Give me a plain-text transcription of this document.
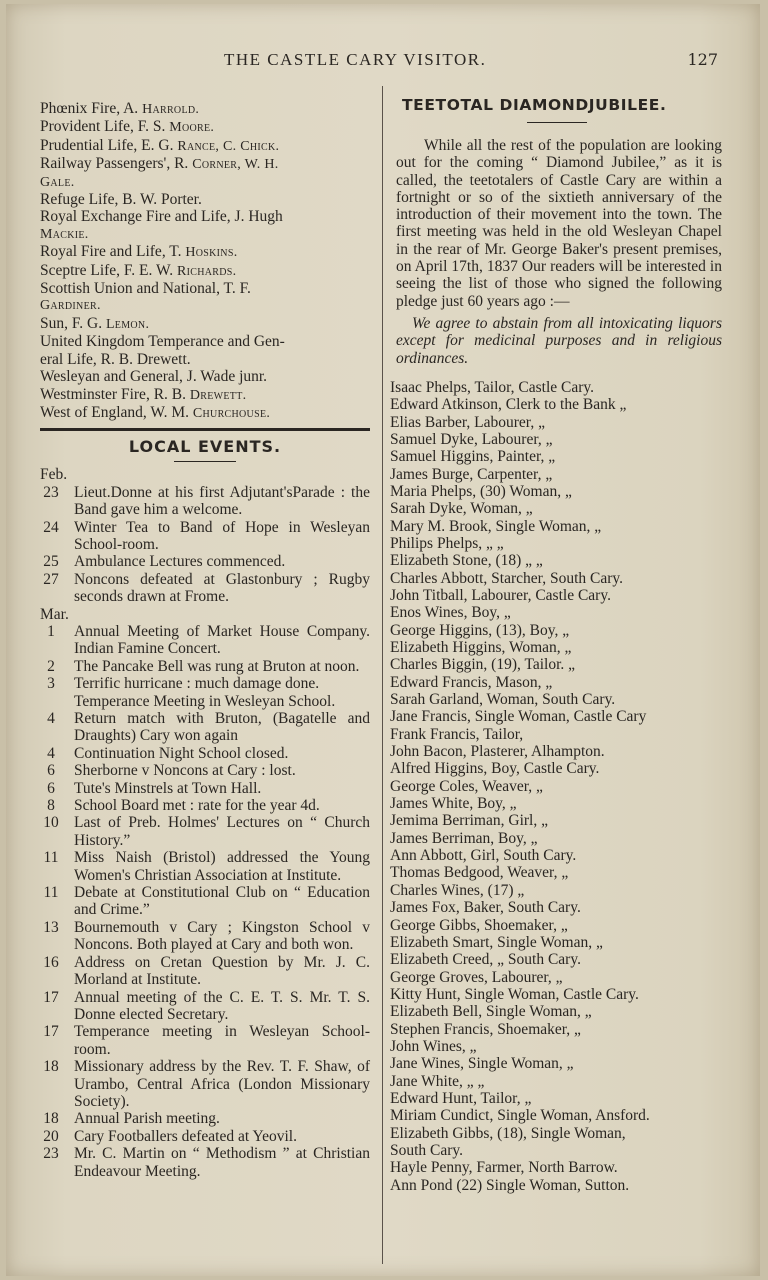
THE CASTLE CARY VISITOR.	127
Phœnix Fire, A. Harrold.
Provident Life, F. S. Moore.
Prudential Life, E. G. Rance, C. Chick.
Railway Passengers', R. Corner, W. H.
Gale.
Refuge Life, B. W. Porter.
Royal Exchange Fire and Life, J. Hugh
Mackie.
Royal Fire and Life, T. Hoskins.
Sceptre Life, F. E. W. Richards.
Scottish Union and National, T. F.
Gardiner.
Sun, F. G. Lemon.
United Kingdom Temperance and Gen-
eral Life, R. B. Drewett.
Wesleyan and General, J. Wade junr.
Westminster Fire, R. B. Drewett.
West of England, W. M. Churchouse.
LOCAL EVENTS.
Feb.
23 Lieut.Donne at his first Adjutant'sParade : the Band gave him a welcome.
24 Winter Tea to Band of Hope in Wesleyan School-room.
25 Ambulance Lectures commenced.
27 Noncons defeated at Glastonbury ; Rugby seconds drawn at Frome.
Mar.
1	Annual Meeting of Market House Company. Indian Famine Concert.
2	The Pancake Bell was rung at Bruton at noon.
3	Terrific hurricane : much damage done.
Temperance Meeting in Wesleyan School.
4	Return match with Bruton, (Bagatelle and Draughts) Cary won again
4	Continuation Night School closed.
6	Sherborne v Noncons at Cary : lost.
6	Tute's Minstrels at Town Hall.
8	School Board met : rate for the year 4d.
10 Last of Preb. Holmes' Lectures on “ Church History.”
11 Miss Naish (Bristol) addressed the Young Women's Christian Association at Institute.
11 Debate at Constitutional Club on “ Education and Crime.”
13 Bournemouth v Cary ; Kingston School v Noncons. Both played at Cary and both won.
16 Address on Cretan Question by Mr. J. C. Morland at Institute.
17 Annual meeting of the C. E. T. S. Mr. T. S. Donne elected Secretary.
17 Temperance meeting in Wesleyan School-room.
18 Missionary address by the Rev. T. F. Shaw, of Urambo, Central Africa (London Missionary Society).
18 Annual Parish meeting.
20 Cary Footballers defeated at Yeovil.
23 Mr. C. Martin on “ Methodism ” at Christian Endeavour Meeting.
TEETOTAL DIAMONDJUBILEE.

While all the rest of the population are looking out for the coming “ Diamond Jubilee,” as it is called, the teetotalers of Castle Cary are within a fortnight or so of the sixtieth anniversary of the introduction of their movement into the town. The first meeting was held in the old Wesleyan Chapel in the rear of Mr. George Baker's present premises, on April 17th, 1837 Our readers will be interested in seeing the list of those who signed the following pledge just 60 years ago :—

We agree to abstain from all intoxicating liquors except for medicinal purposes and in religious ordinances.

Isaac Phelps, Tailor, Castle Cary.
Edward Atkinson, Clerk to the Bank „
Elias Barber, Labourer, „
Samuel Dyke, Labourer, „
Samuel Higgins, Painter, „
James Burge, Carpenter, „
Maria Phelps, (30) Woman, „
Sarah Dyke, Woman, „
Mary M. Brook, Single Woman, „
Philips Phelps, „ „
Elizabeth Stone, (18) „ „
Charles Abbott, Starcher, South Cary.
John Titball, Labourer, Castle Cary.
Enos Wines, Boy, „
George Higgins, (13), Boy, „
Elizabeth Higgins, Woman, „
Charles Biggin, (19), Tailor. „
Edward Francis, Mason, „
Sarah Garland, Woman, South Cary.
Jane Francis, Single Woman, Castle Cary
Frank Francis, Tailor,
John Bacon, Plasterer, Alhampton.
Alfred Higgins, Boy, Castle Cary.
George Coles, Weaver, „
James White, Boy, „
Jemima Berriman, Girl, „
James Berriman, Boy, „
Ann Abbott, Girl, South Cary.
Thomas Bedgood, Weaver, „
Charles Wines, (17) „
James Fox, Baker, South Cary.
George Gibbs, Shoemaker, „
Elizabeth Smart, Single Woman, „
Elizabeth Creed, „ South Cary.
George Groves, Labourer, „
Kitty Hunt, Single Woman, Castle Cary.
Elizabeth Bell, Single Woman, „
Stephen Francis, Shoemaker, „
John Wines, „
Jane Wines, Single Woman, „
Jane White, „ „
Edward Hunt, Tailor, „
Miriam Cundict, Single Woman, Ansford.
Elizabeth Gibbs, (18), Single Woman,
South Cary.
Hayle Penny, Farmer, North Barrow.
Ann Pond (22) Single Woman, Sutton.
